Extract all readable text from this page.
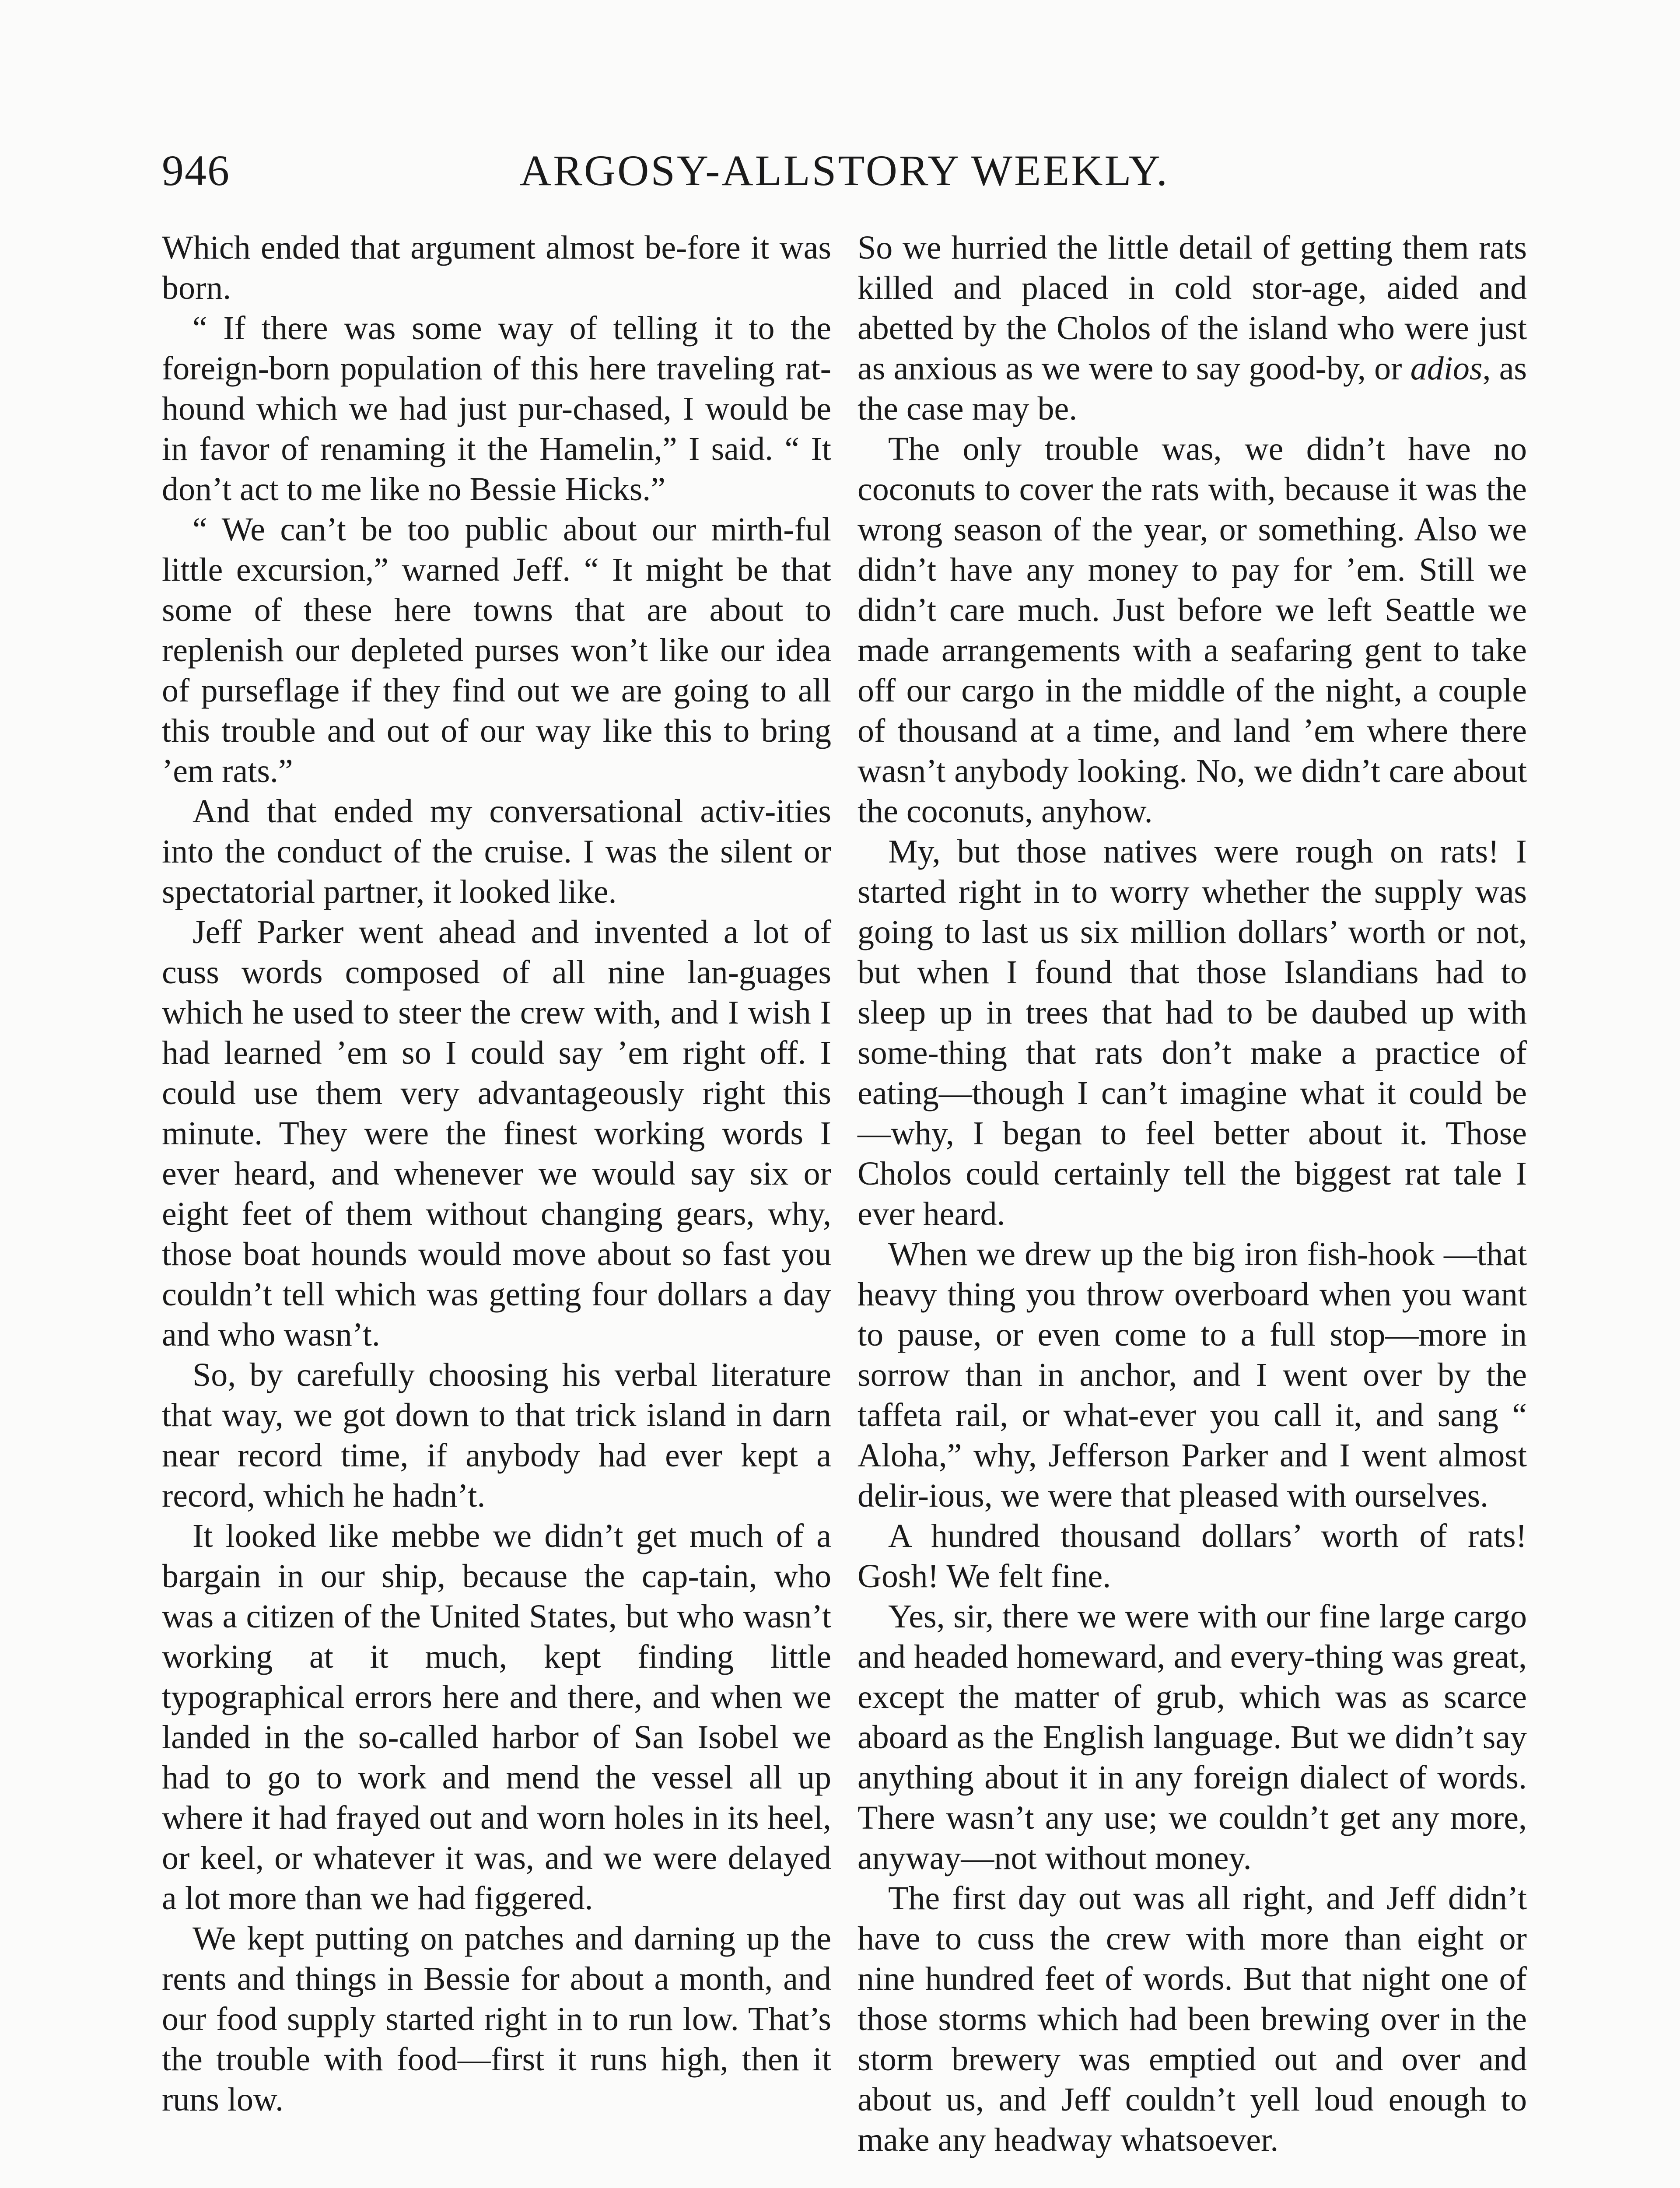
946	ARGOSY-ALLSTORY WEEKLY.

Which ended that argument almost be-fore it was born.

“ If there was some way of telling it to the foreign-born population of this here traveling rat-hound which we had just pur-chased, I would be in favor of renaming it the Hamelin,” I said. “ It don’t act to me like no Bessie Hicks.”

“ We can’t be too public about our mirth-ful little excursion,” warned Jeff. “ It might be that some of these here towns that are about to replenish our depleted purses won’t like our idea of purseflage if they find out we are going to all this trouble and out of our way like this to bring ’em rats.”

And that ended my conversational activ-ities into the conduct of the cruise. I was the silent or spectatorial partner, it looked like.

Jeff Parker went ahead and invented a lot of cuss words composed of all nine lan-guages which he used to steer the crew with, and I wish I had learned ’em so I could say ’em right off. I could use them very advantageously right this minute. They were the finest working words I ever heard, and whenever we would say six or eight feet of them without changing gears, why, those boat hounds would move about so fast you couldn’t tell which was getting four dollars a day and who wasn’t.

So, by carefully choosing his verbal literature that way, we got down to that trick island in darn near record time, if anybody had ever kept a record, which he hadn’t.

It looked like mebbe we didn’t get much of a bargain in our ship, because the cap-tain, who was a citizen of the United States, but who wasn’t working at it much, kept finding little typographical errors here and there, and when we landed in the so-called harbor of San Isobel we had to go to work and mend the vessel all up where it had frayed out and worn holes in its heel, or keel, or whatever it was, and we were delayed a lot more than we had figgered.

We kept putting on patches and darning up the rents and things in Bessie for about a month, and our food supply started right in to run low. That’s the trouble with food—first it runs high, then it runs low.

So we hurried the little detail of getting them rats killed and placed in cold stor-age, aided and abetted by the Cholos of the island who were just as anxious as we were to say good-by, or adios, as the case may be.

The only trouble was, we didn’t have no coconuts to cover the rats with, because it was the wrong season of the year, or something. Also we didn’t have any money to pay for ’em. Still we didn’t care much. Just before we left Seattle we made arrangements with a seafaring gent to take off our cargo in the middle of the night, a couple of thousand at a time, and land ’em where there wasn’t anybody looking. No, we didn’t care about the coconuts, anyhow.

My, but those natives were rough on rats! I started right in to worry whether the supply was going to last us six million dollars’ worth or not, but when I found that those Islandians had to sleep up in trees that had to be daubed up with some-thing that rats don’t make a practice of eating—though I can’t imagine what it could be—why, I began to feel better about it. Those Cholos could certainly tell the biggest rat tale I ever heard.

When we drew up the big iron fish-hook —that heavy thing you throw overboard when you want to pause, or even come to a full stop—more in sorrow than in anchor, and I went over by the taffeta rail, or what-ever you call it, and sang “ Aloha,” why, Jefferson Parker and I went almost delir-ious, we were that pleased with ourselves.

A hundred thousand dollars’ worth of rats! Gosh! We felt fine.

Yes, sir, there we were with our fine large cargo and headed homeward, and every-thing was great, except the matter of grub, which was as scarce aboard as the English language. But we didn’t say anything about it in any foreign dialect of words. There wasn’t any use; we couldn’t get any more, anyway—not without money.

The first day out was all right, and Jeff didn’t have to cuss the crew with more than eight or nine hundred feet of words. But that night one of those storms which had been brewing over in the storm brewery was emptied out and over and about us, and Jeff couldn’t yell loud enough to make any headway whatsoever.
